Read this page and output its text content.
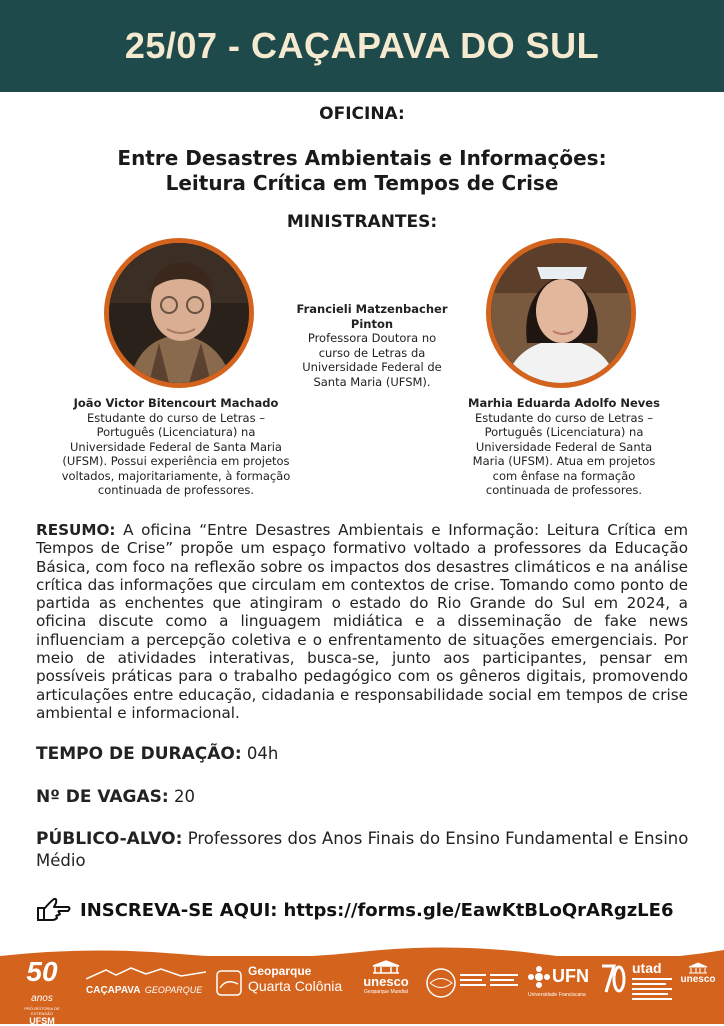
25/07 - CAÇAPAVA DO SUL
OFICINA:
Entre Desastres Ambientais e Informações:
Leitura Crítica em Tempos de Crise
MINISTRANTES:
João Victor Bitencourt Machado
Estudante do curso de Letras – Português (Licenciatura) na Universidade Federal de Santa Maria (UFSM). Possui experiência em projetos voltados, majoritariamente, à formação continuada de professores.
Francieli Matzenbacher Pinton
Professora Doutora no curso de Letras da Universidade Federal de Santa Maria (UFSM).
Marhia Eduarda Adolfo Neves
Estudante do curso de Letras – Português (Licenciatura) na Universidade Federal de Santa Maria (UFSM). Atua em projetos com ênfase na formação continuada de professores.
RESUMO: A oficina “Entre Desastres Ambientais e Informação: Leitura Crítica em Tempos de Crise” propõe um espaço formativo voltado a professores da Educação Básica, com foco na reflexão sobre os impactos dos desastres climáticos e na análise crítica das informações que circulam em contextos de crise. Tomando como ponto de partida as enchentes que atingiram o estado do Rio Grande do Sul em 2024, a oficina discute como a linguagem midiática e a disseminação de fake news influenciam a percepção coletiva e o enfrentamento de situações emergenciais. Por meio de atividades interativas, busca-se, junto aos participantes, pensar em possíveis práticas para o trabalho pedagógico com os gêneros digitais, promovendo articulações entre educação, cidadania e responsabilidade social em tempos de crise ambiental e informacional.
TEMPO DE DURAÇÃO: 04h
Nº DE VAGAS: 20
PÚBLICO-ALVO: Professores dos Anos Finais do Ensino Fundamental e Ensino Médio
INSCREVA-SE AQUI: https://forms.gle/EawKtBLoQrARgzLE6
50 anos
PRÓ-REITORIA DE EXTENSÃO
UFSM
CAÇAPAVA GEOPARQUE
Geoparque
Quarta Colônia	unesco
Geoparque Mundial
UFN
Universidade Franciscana
utad
unesco
